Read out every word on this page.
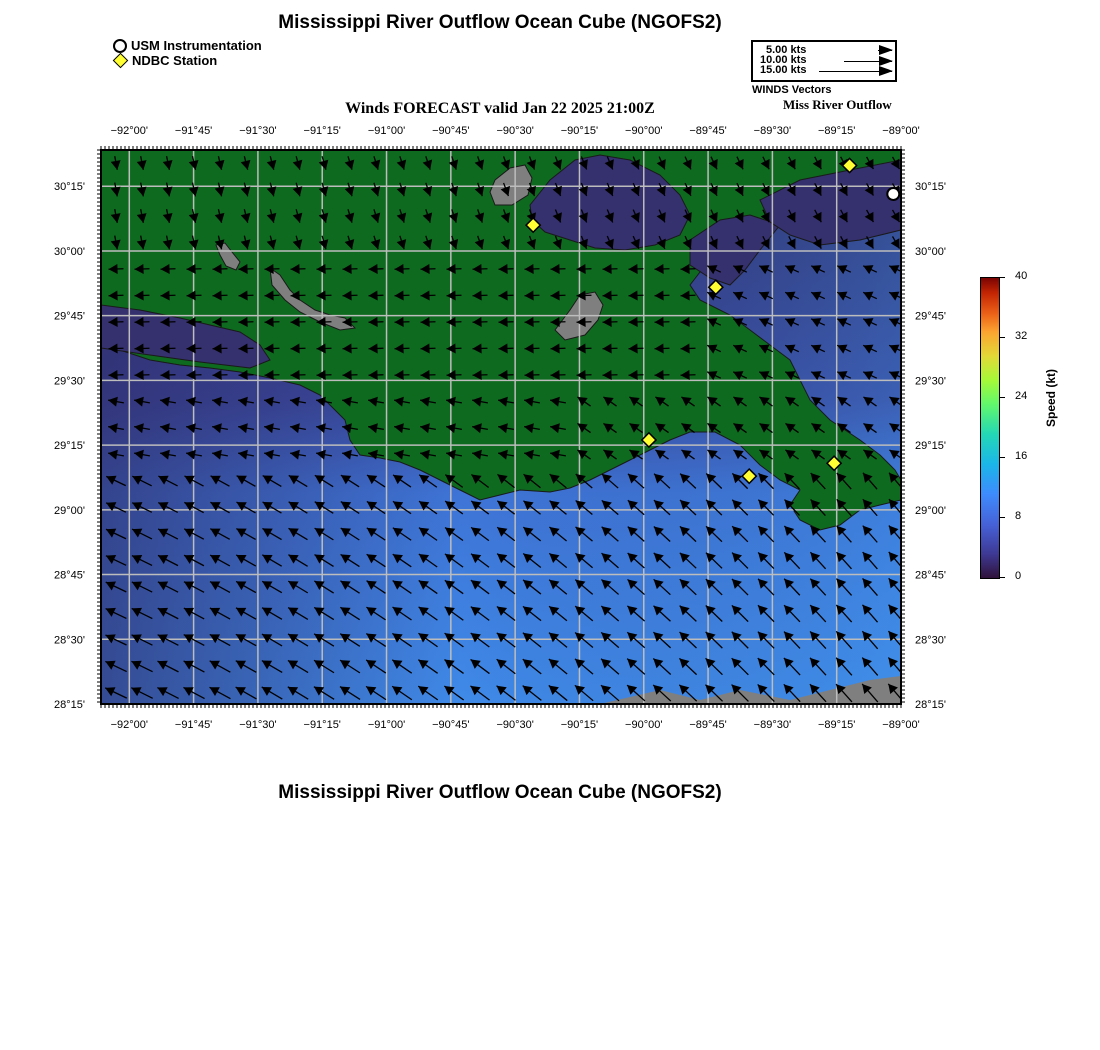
Mississippi River Outflow Ocean Cube (NGOFS2)
USM Instrumentation
NDBC Station
5.00 kts
10.00 kts
15.00 kts
WINDS Vectors
Miss River Outflow
Winds FORECAST valid Jan 22 2025 21:00Z
−92°00' −91°45' −91°30' −91°15' −91°00' −90°45' −90°30' −90°15' −90°00' −89°45' −89°30' −89°15' −89°00'
−92°00' −91°45' −91°30' −91°15' −91°00' −90°45' −90°30' −90°15' −90°00' −89°45' −89°30' −89°15' −89°00'
30°15'
30°00'
29°45'
29°30'
29°15'
29°00'
28°45'
28°30'
28°15'
30°15'
30°00'
29°45'
29°30'
29°15'
29°00'
28°45'
28°30'
28°15'
40
32
24
16
8
0
Speed (kt)
Mississippi River Outflow Ocean Cube (NGOFS2)
